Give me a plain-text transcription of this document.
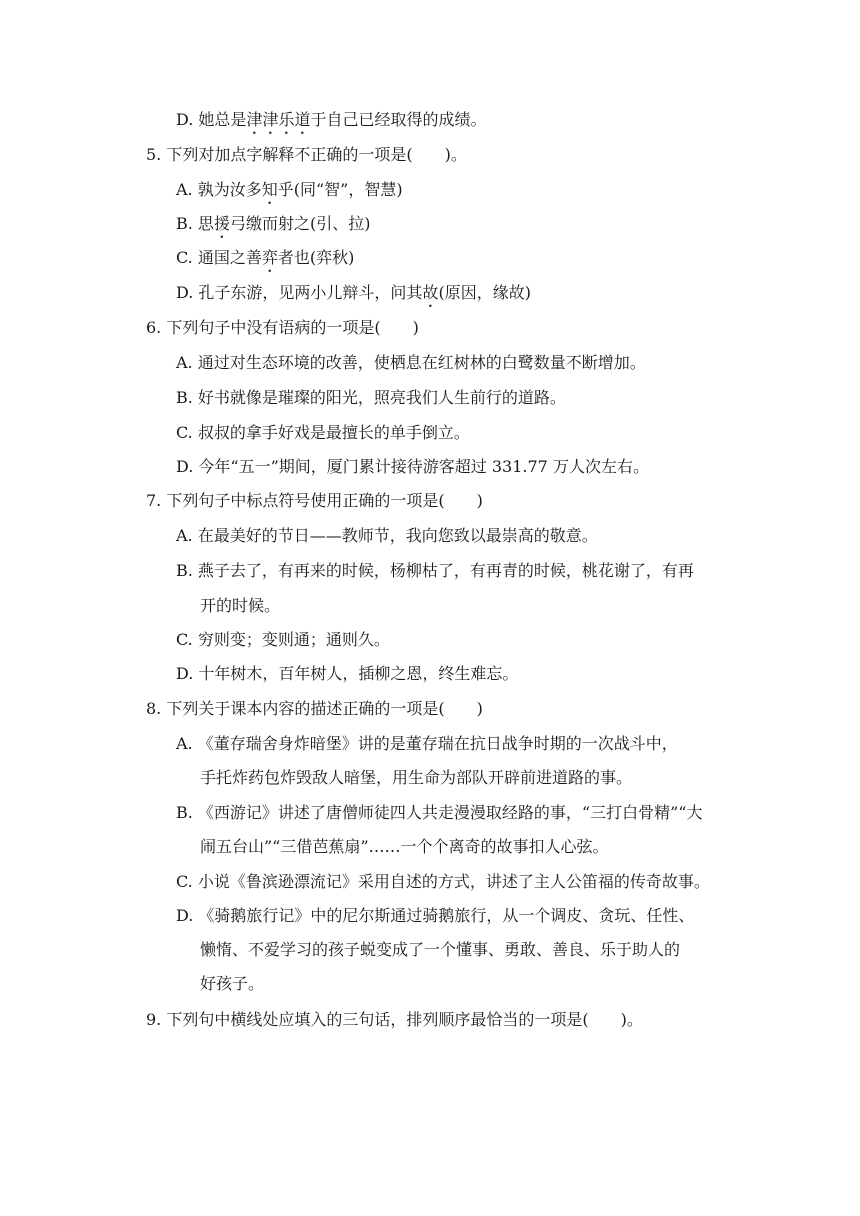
D. 她总是津津乐道于自己已经取得的成绩。
5. 下列对加点字解释不正确的一项是(　　)。
A. 孰为汝多知乎(同“智”，智慧)
B. 思援弓缴而射之(引、拉)
C. 通国之善弈者也(弈秋)
D. 孔子东游，见两小儿辩斗，问其故(原因，缘故)
6. 下列句子中没有语病的一项是(　　)
A. 通过对生态环境的改善，使栖息在红树林的白鹭数量不断增加。
B. 好书就像是璀璨的阳光，照亮我们人生前行的道路。
C. 叔叔的拿手好戏是最擅长的单手倒立。
D. 今年“五一”期间，厦门累计接待游客超过 331.77 万人次左右。
7. 下列句子中标点符号使用正确的一项是(　　)
A. 在最美好的节日——教师节，我向您致以最崇高的敬意。
B. 燕子去了，有再来的时候，杨柳枯了，有再青的时候，桃花谢了，有再
开的时候。
C. 穷则变；变则通；通则久。
D. 十年树木，百年树人，插柳之恩，终生难忘。
8. 下列关于课本内容的描述正确的一项是(　　)
A. 《董存瑞舍身炸暗堡》讲的是董存瑞在抗日战争时期的一次战斗中，
手托炸药包炸毁敌人暗堡，用生命为部队开辟前进道路的事。
B. 《西游记》讲述了唐僧师徒四人共走漫漫取经路的事，“三打白骨精”“大
闹五台山”“三借芭蕉扇”……一个个离奇的故事扣人心弦。
C. 小说《鲁滨逊漂流记》采用自述的方式，讲述了主人公笛福的传奇故事。
D. 《骑鹅旅行记》中的尼尔斯通过骑鹅旅行，从一个调皮、贪玩、任性、
懒惰、不爱学习的孩子蜕变成了一个懂事、勇敢、善良、乐于助人的
好孩子。
9. 下列句中横线处应填入的三句话，排列顺序最恰当的一项是(　　)。
